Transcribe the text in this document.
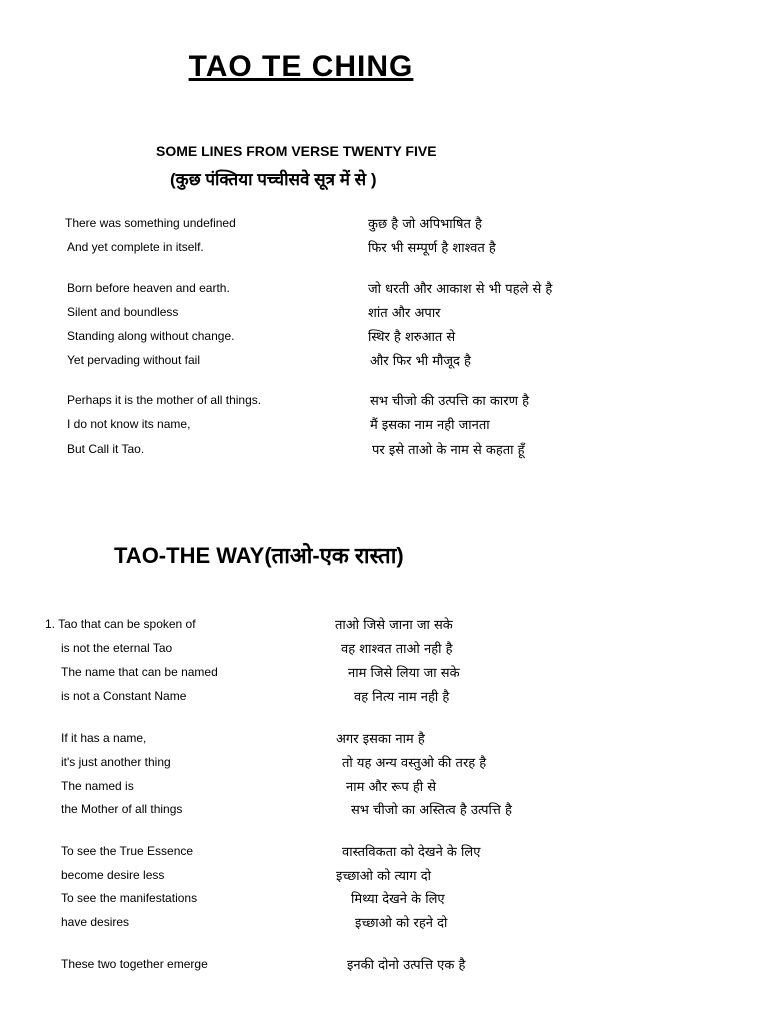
TAO TE CHING
SOME LINES FROM VERSE TWENTY FIVE
(कुछ पंक्तिया पच्चीसवे सूत्र में से )
There was something undefined	कुछ है जो अपिभाषित है
And yet complete in itself.	फिर भी सम्पूर्ण है शाश्वत है
Born before heaven and earth.	जो धरती और आकाश से भी पहले से है
Silent and boundless	शांत और अपार
Standing along without change.	स्थिर है शरुआत से
Yet pervading without fail	और फिर भी मौजूद है
Perhaps it is the mother of all things.	सभ चीजो की उत्पत्ति का कारण है
I do not know its name,	मैं इसका नाम नही जानता
But Call it Tao.	पर इसे ताओ के नाम से कहता हूँ
TAO-THE WAY(ताओ-एक रास्ता)
1. Tao that can be spoken of	ताओ जिसे जाना जा सके
is not the eternal Tao	वह शाश्वत ताओ नही है
The name that can be named	नाम जिसे लिया जा सके
is not a Constant Name	वह नित्य नाम नही है
If it has a name,	अगर इसका नाम है
it's just another thing	तो यह अन्य वस्तुओ की तरह है
The named is	नाम और रूप ही से
the Mother of all things	सभ चीजो का अस्तित्व है उत्पत्ति है
To see the True Essence	वास्तविकता को देखने के लिए
become desire less	इच्छाओ को त्याग दो
To see the manifestations	मिथ्या देखने के लिए
have desires	इच्छाओ को रहने दो
These two together emerge	इनकी दोनो उत्पत्ति एक है
